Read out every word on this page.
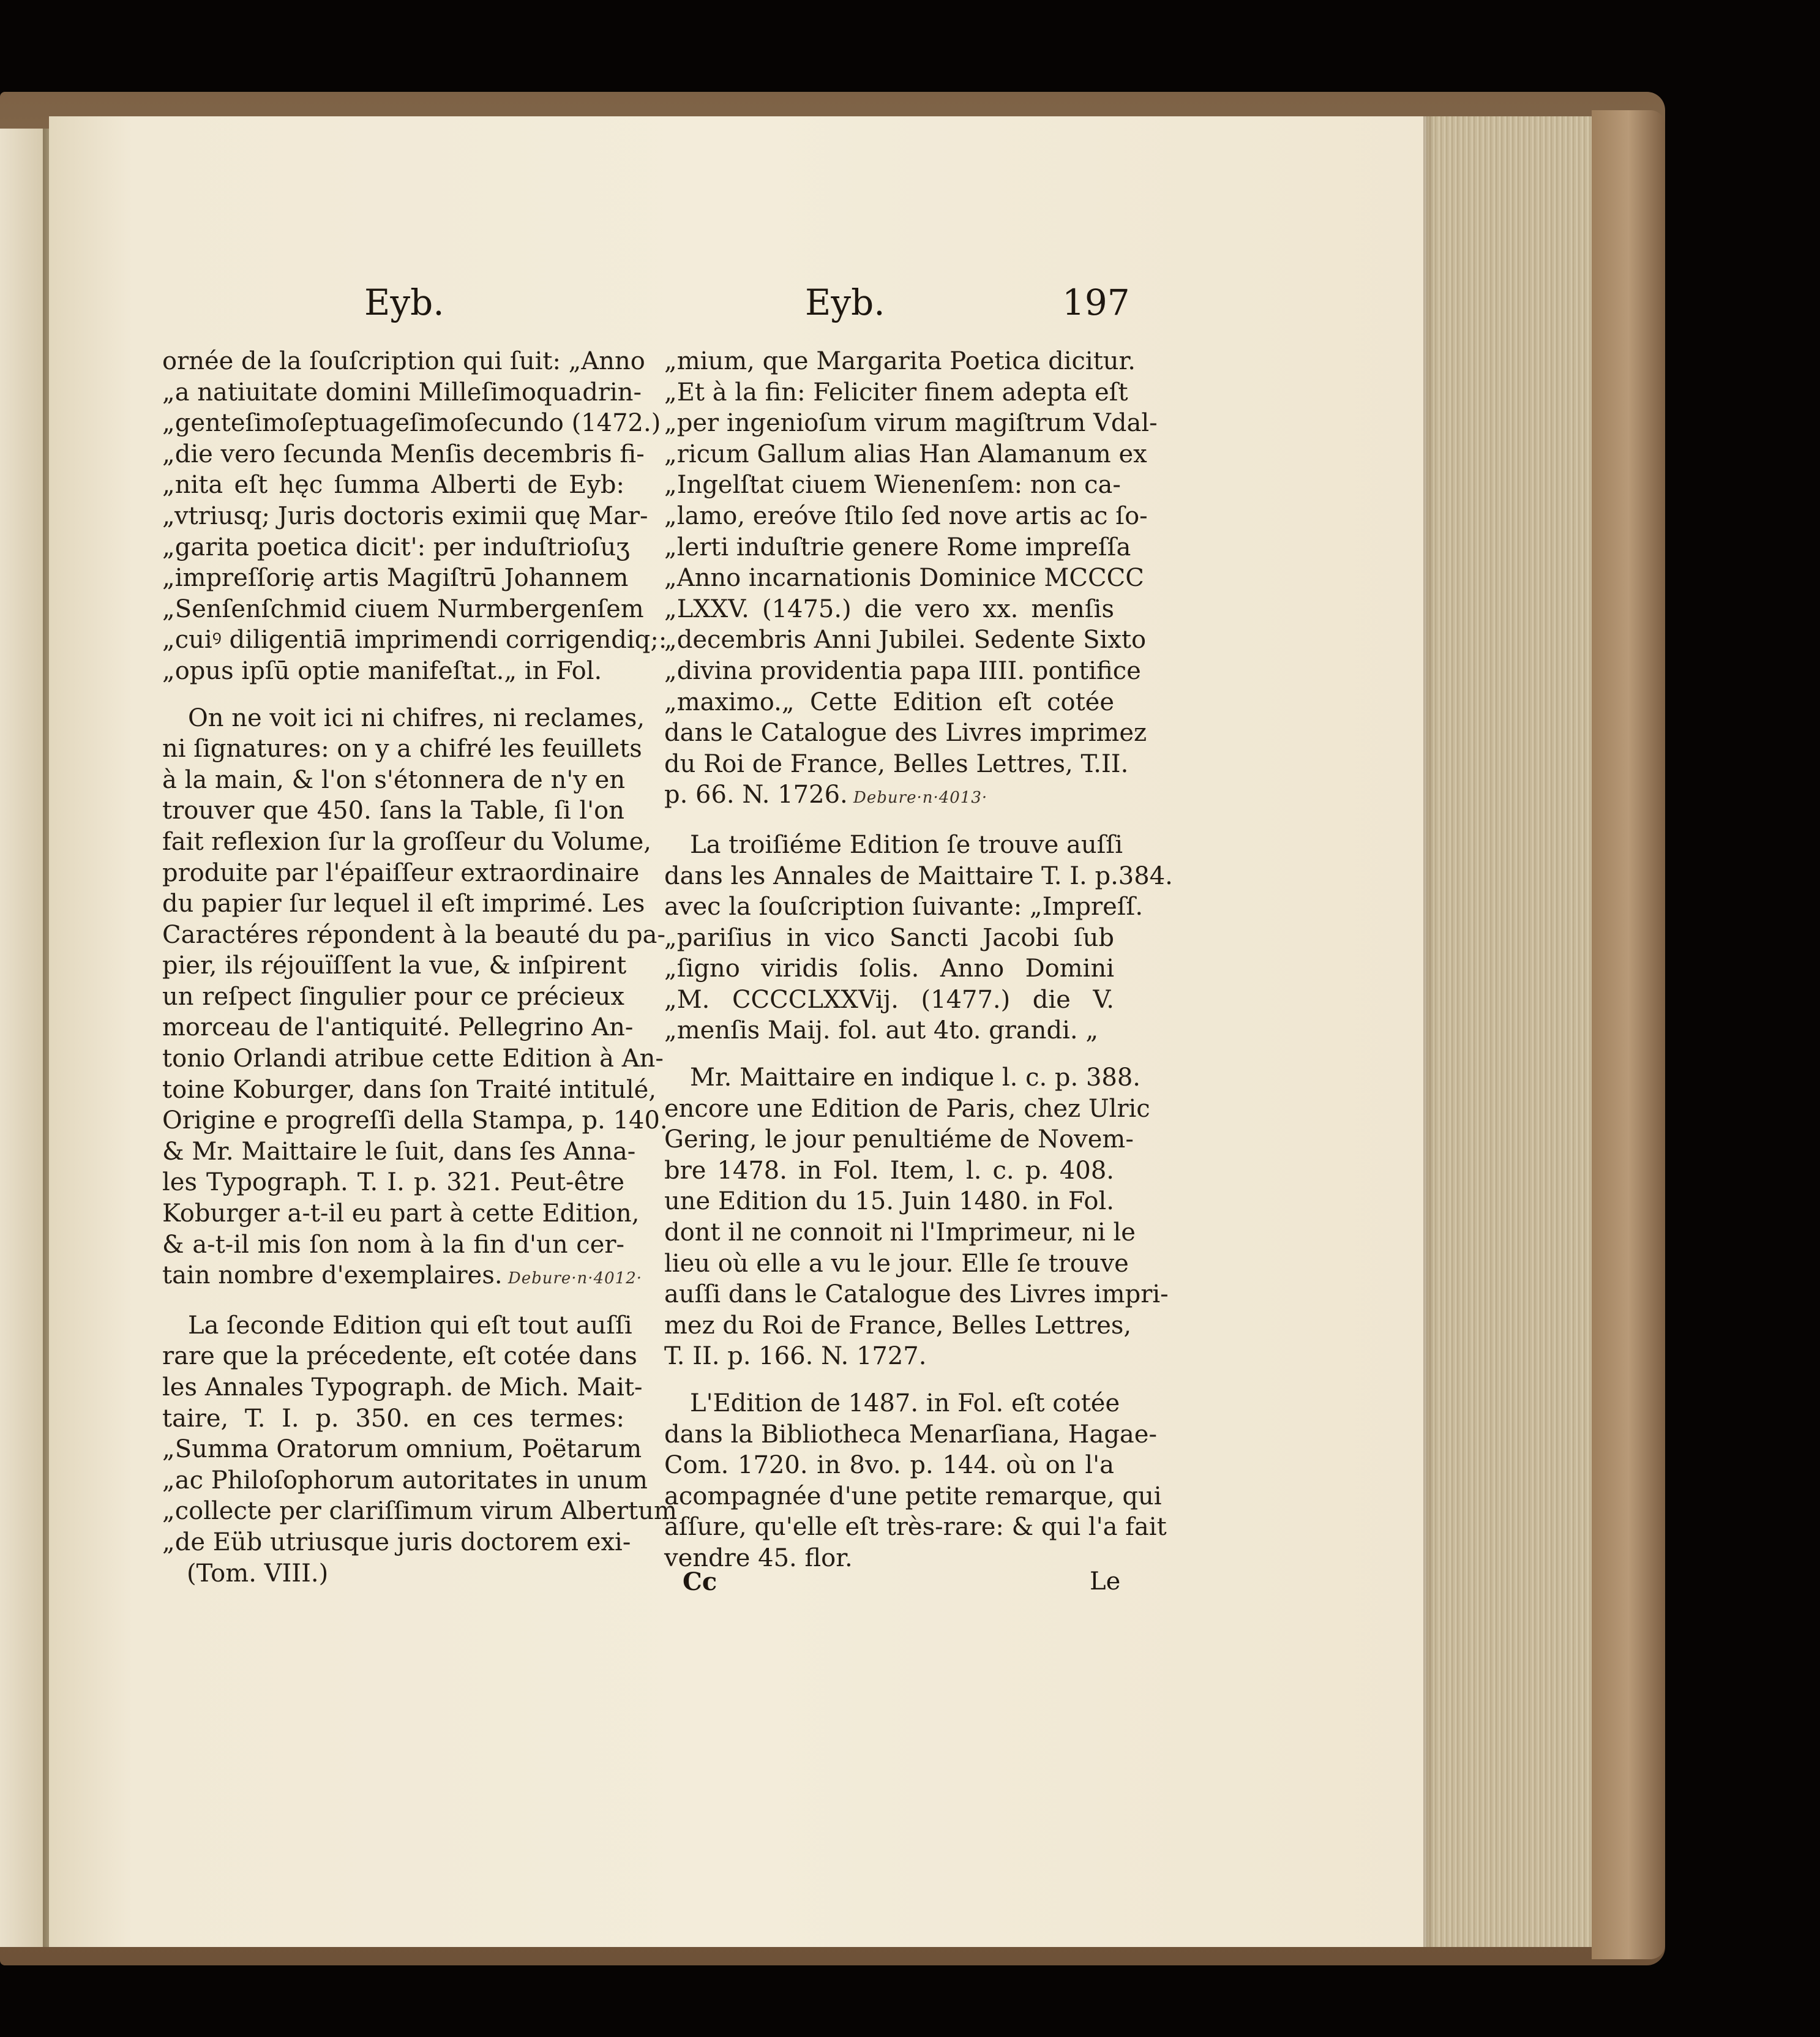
Eyb.	Eyb.	197
ornée de la ſouſcription qui ſuit: „Anno
„a natiuitate domini Milleſimoquadrin-
„genteſimoſeptuageſimoſecundo (1472.)
„die vero ſecunda Menſis decembris fi-
„nita eſt hęc ſumma Alberti de Eyb:
„vtriusq; Juris doctoris eximii quę Mar-
„garita poetica dicit': per induſtrioſuʒ
„impreſſoriȩ artis Magiſtrū Johannem
„Senſenſchmid ciuem Nurmbergenſem
„cuiꝰ diligentiā imprimendi corrigendiq;:
„opus ipſū optie manifeſtat.„ in Fol.
On ne voit ici ni chifres, ni reclames,
ni ſignatures: on y a chifré les feuillets
à la main, & l'on s'étonnera de n'y en
trouver que 450. ſans la Table, ſi l'on
fait reflexion ſur la groſſeur du Volume,
produite par l'épaiſſeur extraordinaire
du papier ſur lequel il eſt imprimé. Les
Caractéres répondent à la beauté du pa-
pier, ils réjouïſſent la vue, & inſpirent
un reſpect ſingulier pour ce précieux
morceau de l'antiquité. Pellegrino An-
tonio Orlandi atribue cette Edition à An-
toine Koburger, dans ſon Traité intitulé,
Origine e progreſſi della Stampa, p. 140.
& Mr. Maittaire le ſuit, dans ſes Anna-
les Typograph. T. I. p. 321. Peut-être
Koburger a-t-il eu part à cette Edition,
& a-t-il mis ſon nom à la fin d'un cer-
tain nombre d'exemplaires. Debure·n·4012·
La ſeconde Edition qui eſt tout auſſi
rare que la précedente, eſt cotée dans
les Annales Typograph. de Mich. Mait-
taire, T. I. p. 350. en ces termes:
„Summa Oratorum omnium, Poëtarum
„ac Philoſophorum autoritates in unum
„collecte per clariſſimum virum Albertum
„de Eüb utriusque juris doctorem exi-
(Tom. VIII.)
„mium, que Margarita Poetica dicitur.
„Et à la fin: Feliciter finem adepta eſt
„per ingenioſum virum magiſtrum Vdal-
„ricum Gallum alias Han Alamanum ex
„Ingelſtat ciuem Wienenſem: non ca-
„lamo, ereóve ſtilo ſed nove artis ac ſo-
„lerti induſtrie genere Rome impreſſa
„Anno incarnationis Dominice MCCCC
„LXXV. (1475.) die vero xx. menſis
„decembris Anni Jubilei. Sedente Sixto
„divina providentia papa IIII. pontifice
„maximo.„ Cette Edition eſt cotée
dans le Catalogue des Livres imprimez
du Roi de France, Belles Lettres, T.II.
p. 66. N. 1726. Debure·n·4013·
La troiſiéme Edition ſe trouve auſſi
dans les Annales de Maittaire T. I. p.384.
avec la ſouſcription ſuivante: „Impreſſ.
„pariſius in vico Sancti Jacobi ſub
„ſigno viridis ſolis. Anno Domini
„M. CCCCLXXVij. (1477.) die V.
„menſis Maij. fol. aut 4to. grandi. „
Mr. Maittaire en indique l. c. p. 388.
encore une Edition de Paris, chez Ulric
Gering, le jour penultiéme de Novem-
bre 1478. in Fol. Item, l. c. p. 408.
une Edition du 15. Juin 1480. in Fol.
dont il ne connoit ni l'Imprimeur, ni le
lieu où elle a vu le jour. Elle ſe trouve
auſſi dans le Catalogue des Livres impri-
mez du Roi de France, Belles Lettres,
T. II. p. 166. N. 1727.
L'Edition de 1487. in Fol. eſt cotée
dans la Bibliotheca Menarſiana, Hagae-
Com. 1720. in 8vo. p. 144. où on l'a
acompagnée d'une petite remarque, qui
aſſure, qu'elle eſt très-rare: & qui l'a fait
vendre 45. flor.
Cc	Le
